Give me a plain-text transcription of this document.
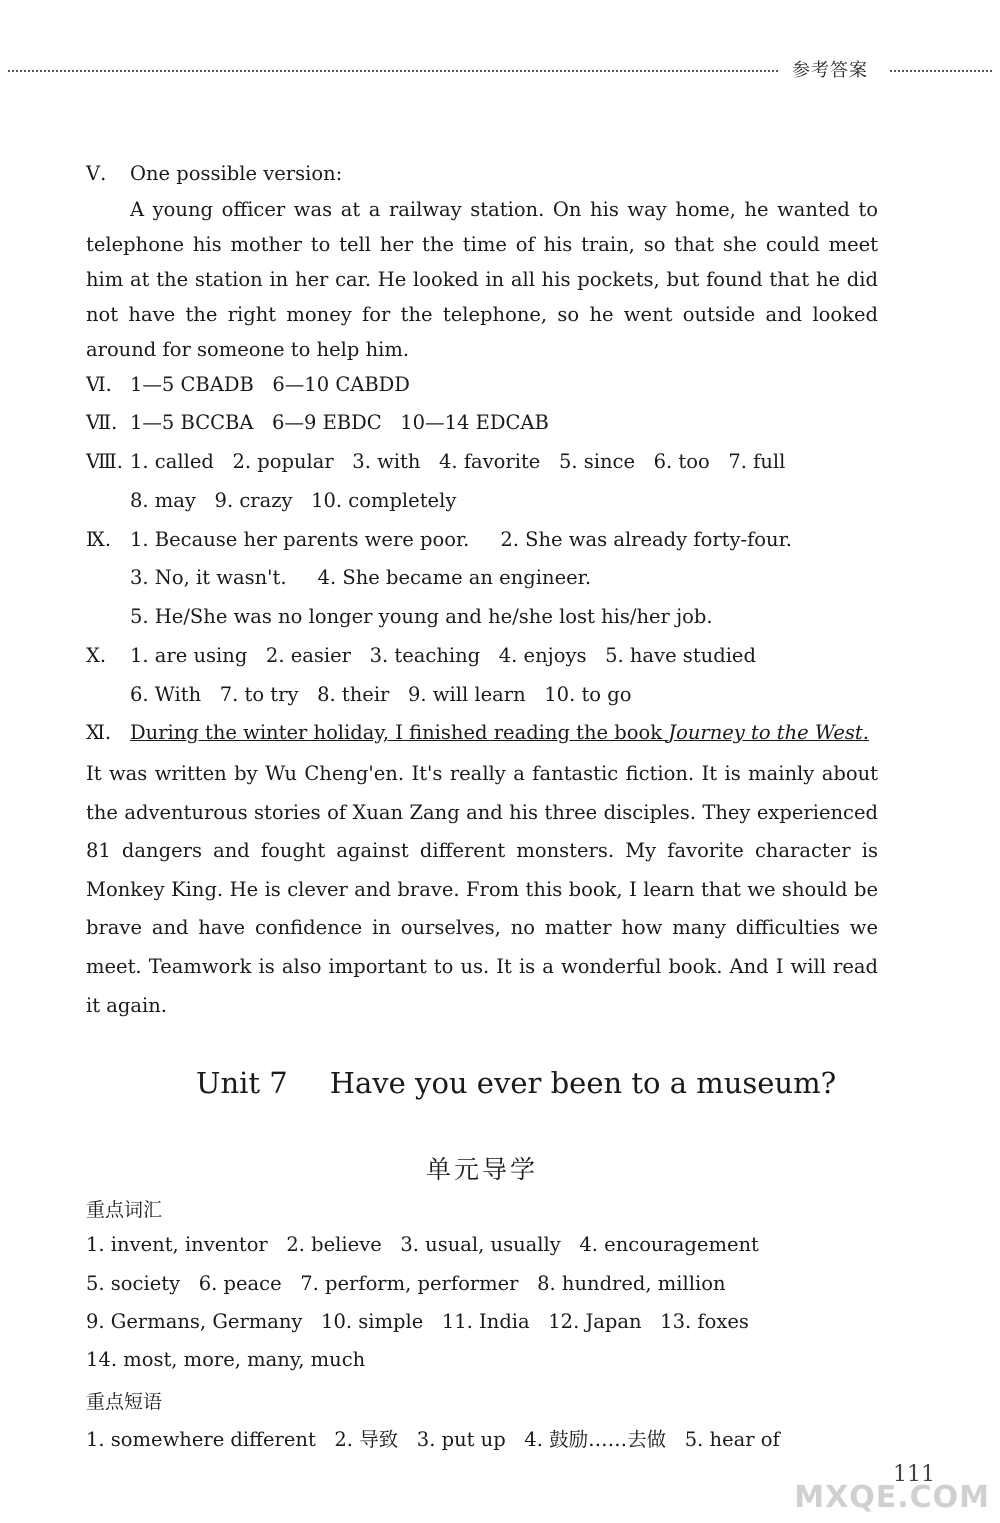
参考答案
Ⅴ. One possible version:
A young officer was at a railway station. On his way home, he wanted to telephone his mother to tell her the time of his train, so that she could meet him at the station in her car. He looked in all his pockets, but found that he did not have the right money for the telephone, so he went outside and looked around for someone to help him.
Ⅵ. 1—5 CBADB   6—10 CABDD
Ⅶ. 1—5 BCCBA   6—9 EBDC   10—14 EDCAB
Ⅷ. 1. called   2. popular   3. with   4. favorite   5. since   6. too   7. full
8. may   9. crazy   10. completely
Ⅸ. 1. Because her parents were poor.     2. She was already forty-four.
3. No, it wasn't.     4. She became an engineer.
5. He/She was no longer young and he/she lost his/her job.
Ⅹ. 1. are using   2. easier   3. teaching   4. enjoys   5. have studied
6. With   7. to try   8. their   9. will learn   10. to go
Ⅺ. During the winter holiday, I finished reading the book Journey to the West.
It was written by Wu Cheng'en. It's really a fantastic fiction. It is mainly about the adventurous stories of Xuan Zang and his three disciples. They experienced 81 dangers and fought against different monsters. My favorite character is Monkey King. He is clever and brave. From this book, I learn that we should be brave and have confidence in ourselves, no matter how many difficulties we meet. Teamwork is also important to us. It is a wonderful book. And I will read it again.
Unit 7 Have you ever been to a museum?
单元导学
重点词汇
1. invent, inventor   2. believe   3. usual, usually   4. encouragement
5. society   6. peace   7. perform, performer   8. hundred, million
9. Germans, Germany   10. simple   11. India   12. Japan   13. foxes
14. most, more, many, much
重点短语
1. somewhere different   2. 导致   3. put up   4. 鼓励……去做   5. hear of
111
MXQE.COM
